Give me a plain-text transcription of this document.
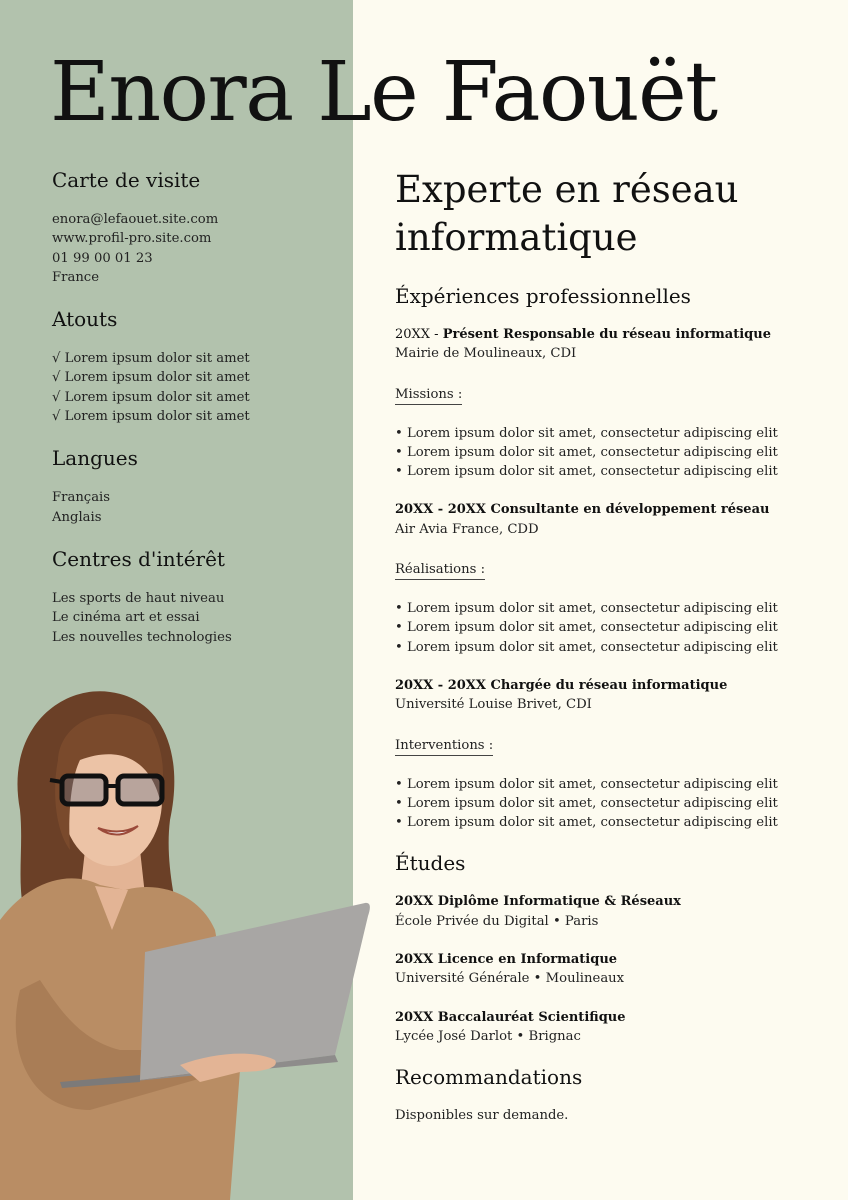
Enora Le Faouët
Carte de visite
enora@lefaouet.site.com
www.profil-pro.site.com
01 99 00 01 23
France
Atouts
√ Lorem ipsum dolor sit amet
√ Lorem ipsum dolor sit amet
√ Lorem ipsum dolor sit amet
√ Lorem ipsum dolor sit amet
Langues
Français
Anglais
Centres d'intérêt
Les sports de haut niveau
Le cinéma art et essai
Les nouvelles technologies
Experte en réseau
informatique
Éxpériences professionnelles
20XX - Présent Responsable du réseau informatique
Mairie de Moulineaux, CDI
Missions :
• Lorem ipsum dolor sit amet, consectetur adipiscing elit
• Lorem ipsum dolor sit amet, consectetur adipiscing elit
• Lorem ipsum dolor sit amet, consectetur adipiscing elit
20XX - 20XX Consultante en développement réseau
Air Avia France, CDD
Réalisations :
• Lorem ipsum dolor sit amet, consectetur adipiscing elit
• Lorem ipsum dolor sit amet, consectetur adipiscing elit
• Lorem ipsum dolor sit amet, consectetur adipiscing elit
20XX - 20XX Chargée du réseau informatique
Université Louise Brivet, CDI
Interventions :
• Lorem ipsum dolor sit amet, consectetur adipiscing elit
• Lorem ipsum dolor sit amet, consectetur adipiscing elit
• Lorem ipsum dolor sit amet, consectetur adipiscing elit
Études
20XX Diplôme Informatique & Réseaux
École Privée du Digital • Paris
20XX Licence en Informatique
Université Générale • Moulineaux
20XX Baccalauréat Scientifique
Lycée José Darlot • Brignac
Recommandations
Disponibles sur demande.
